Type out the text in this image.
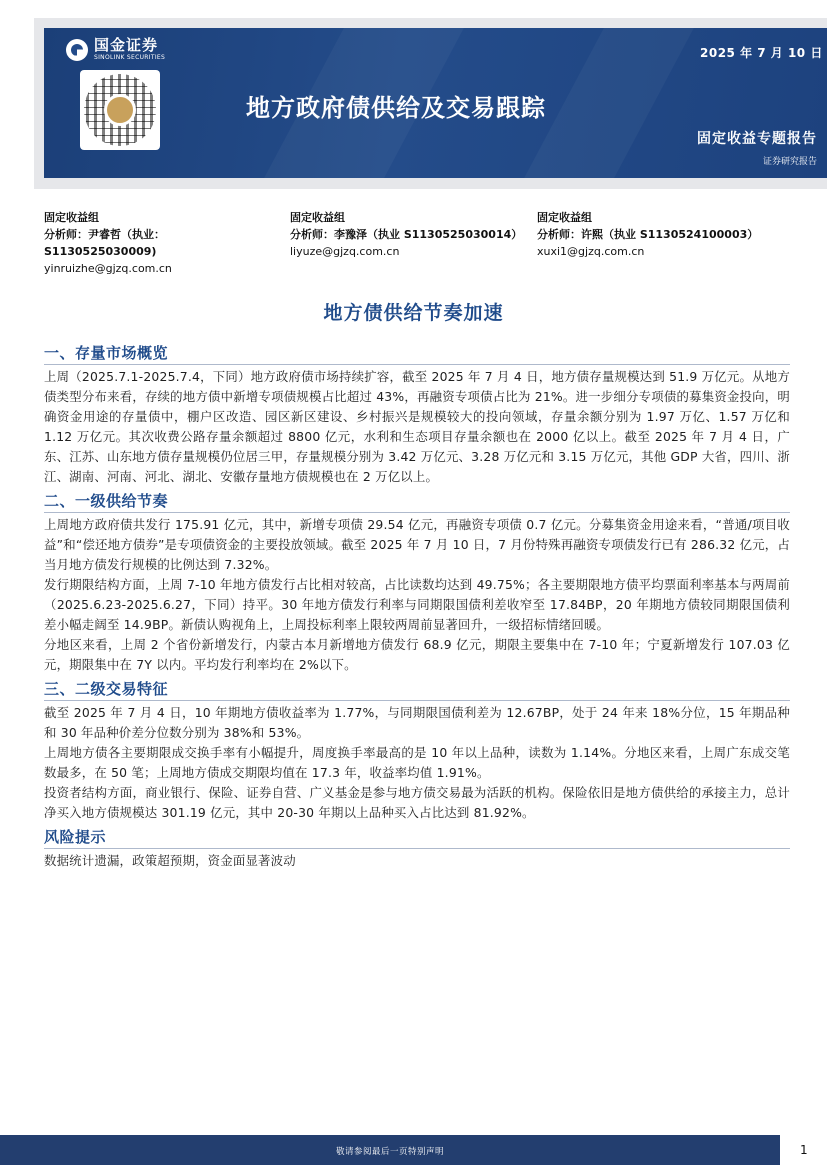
国金证券
SINOLINK SECURITIES	2025 年 7 月 10 日
地方政府债供给及交易跟踪
固定收益专题报告
证券研究报告
固定收益组
分析师：尹睿哲（执业：
S1130525030009)
yinruizhe@gjzq.com.cn
固定收益组
分析师：李豫泽（执业 S1130525030014）
liyuze@gjzq.com.cn
固定收益组
分析师：许熙（执业 S1130524100003）
xuxi1@gjzq.com.cn
地方债供给节奏加速
一、存量市场概览

上周（2025.7.1-2025.7.4，下同）地方政府债市场持续扩容，截至 2025 年 7 月 4 日，地方债存量规模达到 51.9 万亿元。从地方债类型分布来看，存续的地方债中新增专项债规模占比超过 43%，再融资专项债占比为 21%。进一步细分专项债的募集资金投向，明确资金用途的存量债中，棚户区改造、园区新区建设、乡村振兴是规模较大的投向领域，存量余额分别为 1.97 万亿、1.57 万亿和 1.12 万亿元。其次收费公路存量余额超过 8800 亿元，水利和生态项目存量余额也在 2000 亿以上。截至 2025 年 7 月 4 日，广东、江苏、山东地方债存量规模仍位居三甲，存量规模分别为 3.42 万亿元、3.28 万亿元和 3.15 万亿元，其他 GDP 大省，四川、浙江、湖南、河南、河北、湖北、安徽存量地方债规模也在 2 万亿以上。

二、一级供给节奏

上周地方政府债共发行 175.91 亿元，其中，新增专项债 29.54 亿元，再融资专项债 0.7 亿元。分募集资金用途来看，“普通/项目收益”和“偿还地方债券”是专项债资金的主要投放领域。截至 2025 年 7 月 10 日，7 月份特殊再融资专项债发行已有 286.32 亿元，占当月地方债发行规模的比例达到 7.32%。

发行期限结构方面，上周 7-10 年地方债发行占比相对较高，占比读数均达到 49.75%；各主要期限地方债平均票面利率基本与两周前（2025.6.23-2025.6.27，下同）持平。30 年地方债发行利率与同期限国债利差收窄至 17.84BP，20 年期地方债较同期限国债利差小幅走阔至 14.9BP。新债认购视角上，上周投标利率上限较两周前显著回升，一级招标情绪回暖。

分地区来看，上周 2 个省份新增发行，内蒙古本月新增地方债发行 68.9 亿元，期限主要集中在 7-10 年；宁夏新增发行 107.03 亿元，期限集中在 7Y 以内。平均发行利率均在 2%以下。

三、二级交易特征

截至 2025 年 7 月 4 日，10 年期地方债收益率为 1.77%，与同期限国债利差为 12.67BP，处于 24 年来 18%分位，15 年期品种和 30 年品种价差分位数分别为 38%和 53%。

上周地方债各主要期限成交换手率有小幅提升，周度换手率最高的是 10 年以上品种，读数为 1.14%。分地区来看，上周广东成交笔数最多，在 50 笔；上周地方债成交期限均值在 17.3 年，收益率均值 1.91%。

投资者结构方面，商业银行、保险、证券自营、广义基金是参与地方债交易最为活跃的机构。保险依旧是地方债供给的承接主力，总计净买入地方债规模达 301.19 亿元，其中 20-30 年期以上品种买入占比达到 81.92%。

风险提示

数据统计遗漏，政策超预期，资金面显著波动

敬请参阅最后一页特别声明	1
